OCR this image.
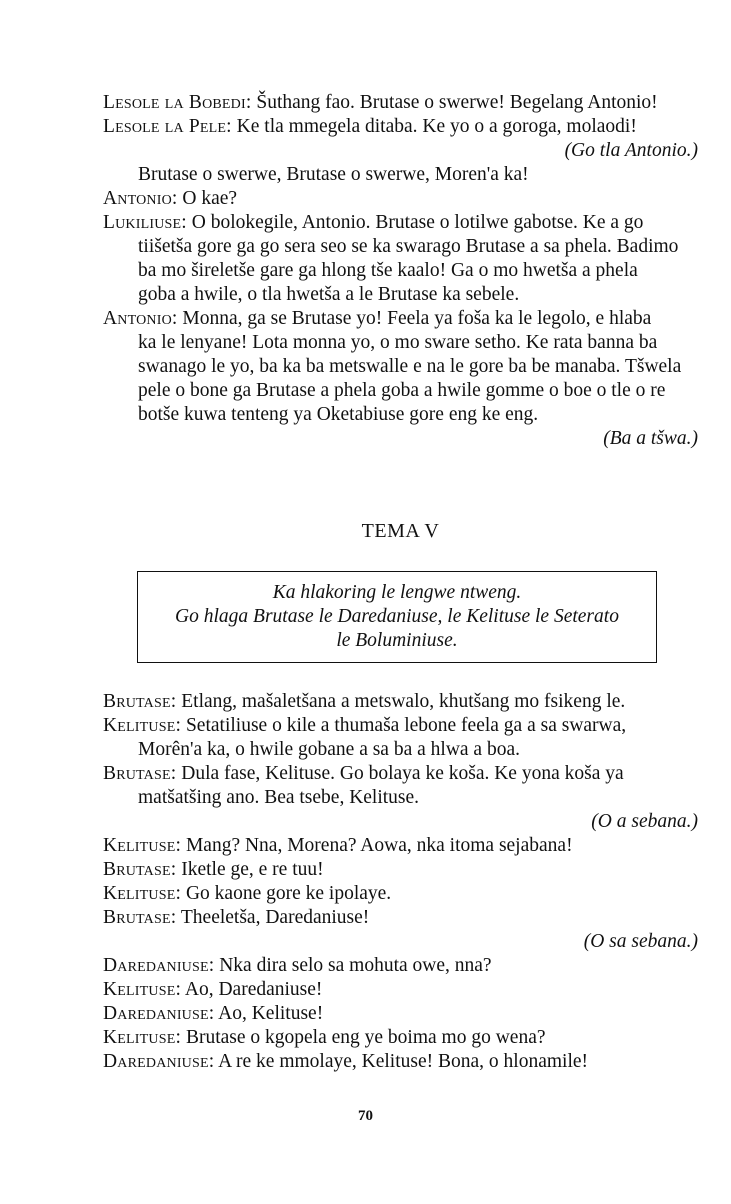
Lesole la Bobedi: Šuthang fao. Brutase o swerwe! Begelang Antonio!
Lesole la Pele: Ke tla mmegela ditaba. Ke yo o a goroga, molaodi!
(Go tla Antonio.)
Brutase o swerwe, Brutase o swerwe, Moren'a ka!
Antonio: O kae?
Lukiliuse: O bolokegile, Antonio. Brutase o lotilwe gabotse. Ke a go
tiišetša gore ga go sera seo se ka swarago Brutase a sa phela. Badimo
ba mo šireletše gare ga hlong tše kaalo! Ga o mo hwetša a phela
goba a hwile, o tla hwetša a le Brutase ka sebele.
Antonio: Monna, ga se Brutase yo! Feela ya foša ka le legolo, e hlaba
ka le lenyane! Lota monna yo, o mo sware setho. Ke rata banna ba
swanago le yo, ba ka ba metswalle e na le gore ba be manaba. Tšwela
pele o bone ga Brutase a phela goba a hwile gomme o boe o tle o re
botše kuwa tenteng ya Oketabiuse gore eng ke eng.
(Ba a tšwa.)
TEMA V
Ka hlakoring le lengwe ntweng.
Go hlaga Brutase le Daredaniuse, le Kelituse le Seterato
le Boluminiuse.
Brutase: Etlang, mašaletšana a metswalo, khutšang mo fsikeng le.
Kelituse: Setatiliuse o kile a thumaša lebone feela ga a sa swarwa,
Morên'a ka, o hwile gobane a sa ba a hlwa a boa.
Brutase: Dula fase, Kelituse. Go bolaya ke koša. Ke yona koša ya
matšatšing ano. Bea tsebe, Kelituse.
(O a sebana.)
Kelituse: Mang? Nna, Morena? Aowa, nka itoma sejabana!
Brutase: Iketle ge, e re tuu!
Kelituse: Go kaone gore ke ipolaye.
Brutase: Theeletša, Daredaniuse!
(O sa sebana.)
Daredaniuse: Nka dira selo sa mohuta owe, nna?
Kelituse: Ao, Daredaniuse!
Daredaniuse: Ao, Kelituse!
Kelituse: Brutase o kgopela eng ye boima mo go wena?
Daredaniuse: A re ke mmolaye, Kelituse! Bona, o hlonamile!
70
